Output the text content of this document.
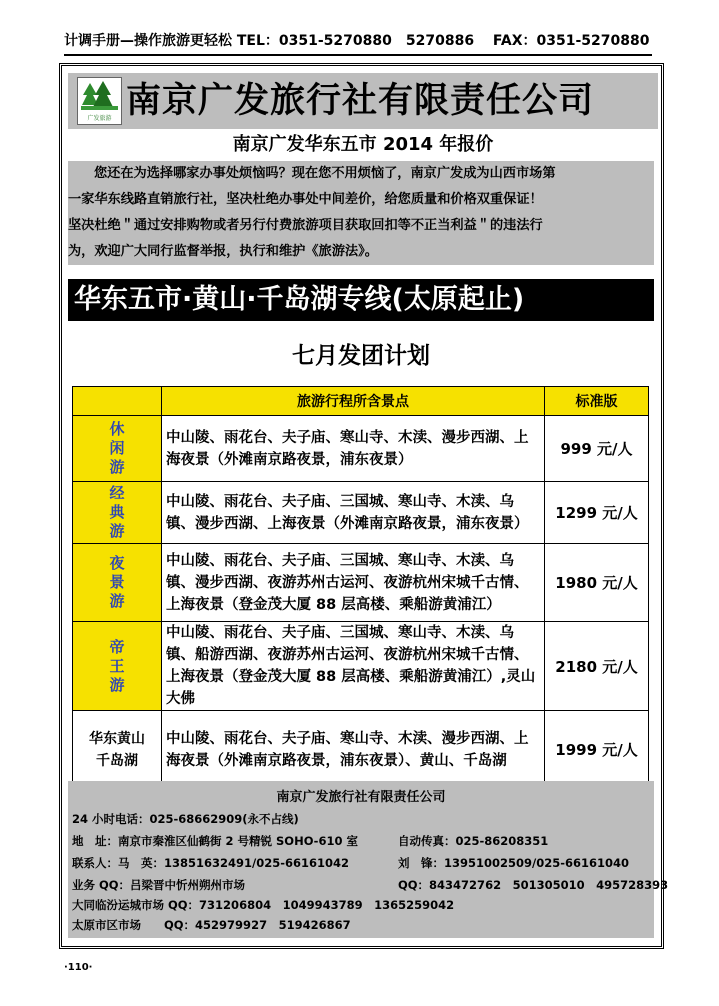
计调手册—操作旅游更轻松 TEL：0351-5270880　5270886　 FAX：0351-5270880
广发旅游 南京广发旅行社有限责任公司
南京广发华东五市 2014 年报价

您还在为选择哪家办事处烦恼吗？现在您不用烦恼了，南京广发成为山西市场第

一家华东线路直销旅行社，坚决杜绝办事处中间差价，给您质量和价格双重保证！

坚决杜绝＂通过安排购物或者另行付费旅游项目获取回扣等不正当利益＂的违法行

为，欢迎广大同行监督举报，执行和维护《旅游法》。

华东五市·黄山·千岛湖专线(太原起止)
七月发团计划
	旅游行程所含景点	标准版
休
闲
游	中山陵、雨花台、夫子庙、寒山寺、木渎、漫步西湖、上海夜景（外滩南京路夜景，浦东夜景）	999 元/人
经
典
游	中山陵、雨花台、夫子庙、三国城、寒山寺、木渎、乌镇、漫步西湖、上海夜景（外滩南京路夜景，浦东夜景）	1299 元/人
夜
景
游	中山陵、雨花台、夫子庙、三国城、寒山寺、木渎、乌镇、漫步西湖、夜游苏州古运河、夜游杭州宋城千古情、上海夜景（登金茂大厦 88 层高楼、乘船游黄浦江）	1980 元/人
帝
王
游	中山陵、雨花台、夫子庙、三国城、寒山寺、木渎、乌镇、船游西湖、夜游苏州古运河、夜游杭州宋城千古情、上海夜景（登金茂大厦 88 层高楼、乘船游黄浦江）,灵山大佛	2180 元/人
华东黄山
千岛湖	中山陵、雨花台、夫子庙、寒山寺、木渎、漫步西湖、上海夜景（外滩南京路夜景，浦东夜景）、黄山、千岛湖	1999 元/人
南京广发旅行社有限责任公司
24 小时电话：025-68662909(永不占线)
地　址：南京市秦淮区仙鹤街 2 号精锐 SOHO-610 室	自动传真：025-86208351
联系人：马　英：13851632491/025-66161042	刘　锋：13951002509/025-66161040
业务 QQ：吕梁晋中忻州朔州市场	QQ：843472762　501305010　495728393
大同临汾运城市场 QQ：731206804　1049943789　1365259042
太原市区市场　　QQ：452979927　519426867
·110·
